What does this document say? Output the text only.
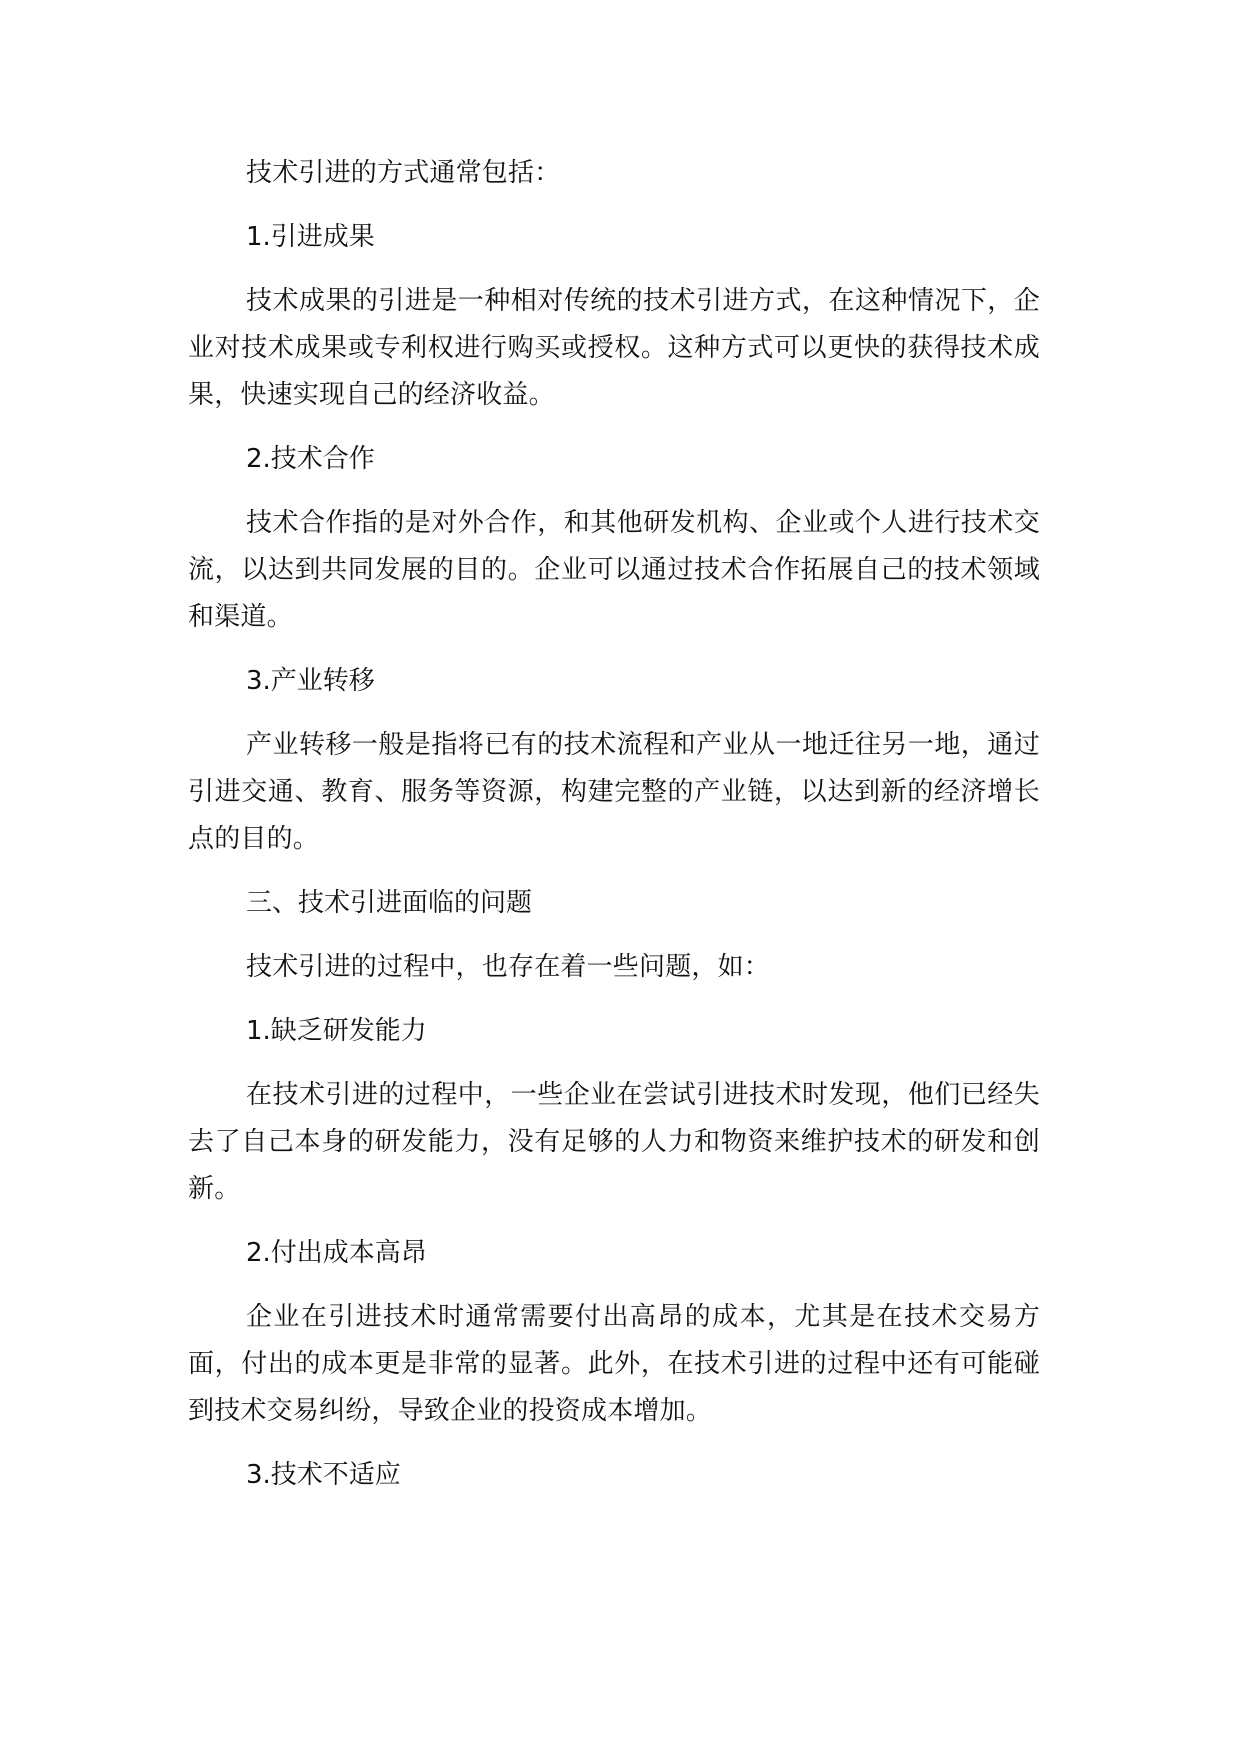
技术引进的方式通常包括：

1.引进成果

技术成果的引进是一种相对传统的技术引进方式，在这种情况下，企业对技术成果或专利权进行购买或授权。这种方式可以更快的获得技术成果，快速实现自己的经济收益。

2.技术合作

技术合作指的是对外合作，和其他研发机构、企业或个人进行技术交流，以达到共同发展的目的。企业可以通过技术合作拓展自己的技术领域和渠道。

3.产业转移

产业转移一般是指将已有的技术流程和产业从一地迁往另一地，通过引进交通、教育、服务等资源，构建完整的产业链，以达到新的经济增长点的目的。

三、技术引进面临的问题

技术引进的过程中，也存在着一些问题，如：

1.缺乏研发能力

在技术引进的过程中，一些企业在尝试引进技术时发现，他们已经失去了自己本身的研发能力，没有足够的人力和物资来维护技术的研发和创新。

2.付出成本高昂

企业在引进技术时通常需要付出高昂的成本，尤其是在技术交易方面，付出的成本更是非常的显著。此外，在技术引进的过程中还有可能碰到技术交易纠纷，导致企业的投资成本增加。

3.技术不适应
